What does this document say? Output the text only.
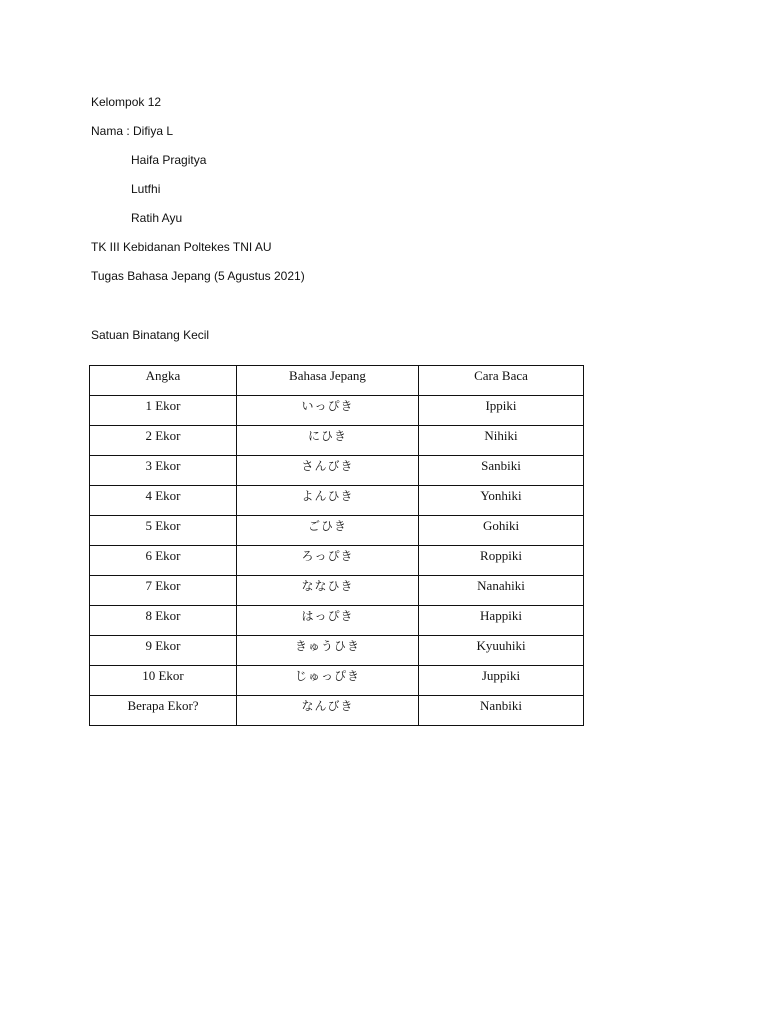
Kelompok 12
Nama : Difiya L
Haifa Pragitya
Lutfhi
Ratih Ayu
TK III Kebidanan Poltekes TNI AU
Tugas Bahasa Jepang (5 Agustus 2021)
Satuan Binatang Kecil
Angka	Bahasa Jepang	Cara Baca
1 Ekor	いっぴき	Ippiki
2 Ekor	にひき	Nihiki
3 Ekor	さんびき	Sanbiki
4 Ekor	よんひき	Yonhiki
5 Ekor	ごひき	Gohiki
6 Ekor	ろっぴき	Roppiki
7 Ekor	ななひき	Nanahiki
8 Ekor	はっぴき	Happiki
9 Ekor	きゅうひき	Kyuuhiki
10 Ekor	じゅっぴき	Juppiki
Berapa Ekor?	なんびき	Nanbiki
